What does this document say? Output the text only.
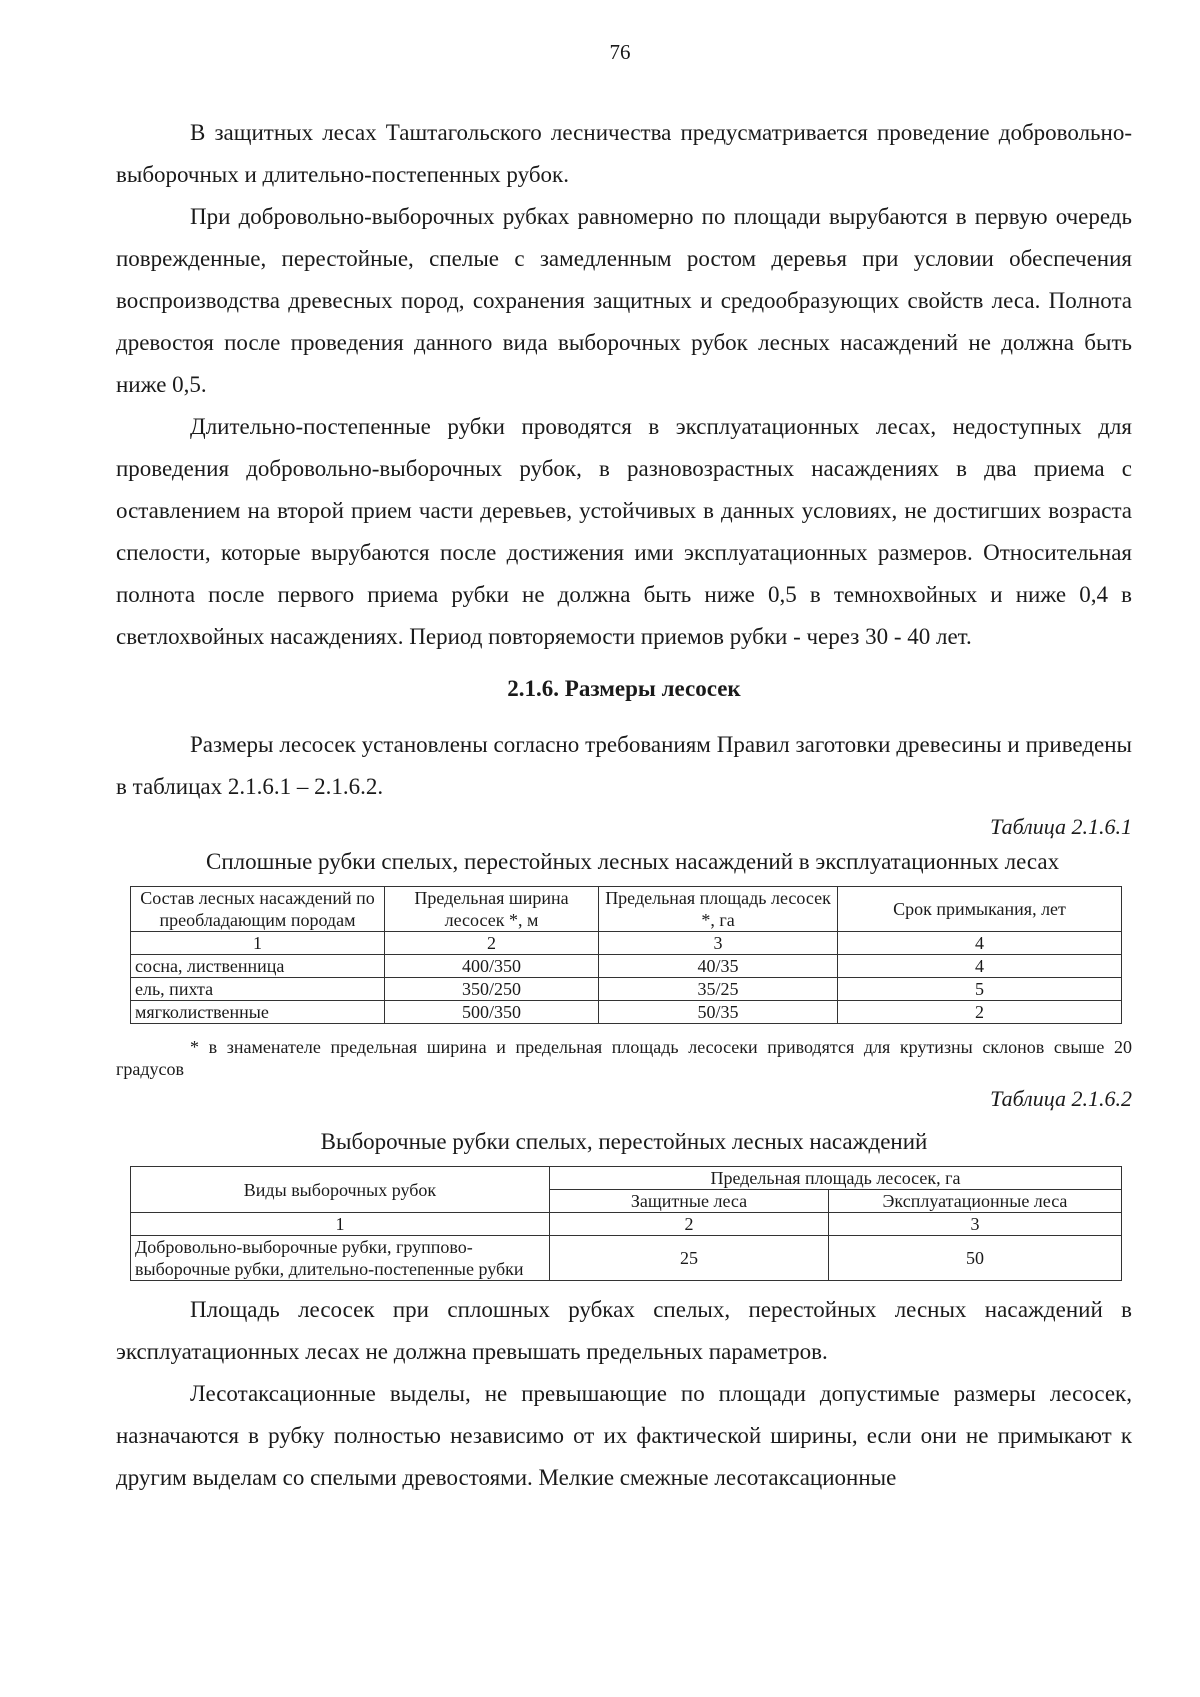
76

В защитных лесах Таштагольского лесничества предусматривается проведение добровольно-выборочных и длительно-постепенных рубок.

При добровольно-выборочных рубках равномерно по площади вырубаются в первую очередь поврежденные, перестойные, спелые с замедленным ростом деревья при условии обеспечения воспроизводства древесных пород, сохранения защитных и средообразующих свойств леса. Полнота древостоя после проведения данного вида выборочных рубок лесных насаждений не должна быть ниже 0,5.

Длительно-постепенные рубки проводятся в эксплуатационных лесах, недоступных для проведения добровольно-выборочных рубок, в разновозрастных насаждениях в два приема с оставлением на второй прием части деревьев, устойчивых в данных условиях, не достигших возраста спелости, которые вырубаются после достижения ими эксплуатационных размеров. Относительная полнота после первого приема рубки не должна быть ниже 0,5 в темнохвойных и ниже 0,4 в светлохвойных насаждениях. Период повторяемости приемов рубки - через 30 - 40 лет.

2.1.6. Размеры лесосек

Размеры лесосек установлены согласно требованиям Правил заготовки древесины и приведены в таблицах 2.1.6.1 – 2.1.6.2.

Таблица 2.1.6.1
Сплошные рубки спелых, перестойных лесных насаждений в эксплуатационных лесах
Состав лесных насаждений по преобладающим породам	Предельная ширина лесосек *, м	Предельная площадь лесосек *, га	Срок примыкания, лет
1	2	3	4
сосна, лиственница	400/350	40/35	4
ель, пихта	350/250	35/25	5
мягколиственные	500/350	50/35	2
* в знаменателе предельная ширина и предельная площадь лесосеки приводятся для крутизны склонов свыше 20 градусов
Таблица 2.1.6.2
Выборочные рубки спелых, перестойных лесных насаждений
Виды выборочных рубок	Предельная площадь лесосек, га	
	Защитные леса	Эксплуатационные леса
1	2	3
Добровольно-выборочные рубки, группово-выборочные рубки, длительно-постепенные рубки	25	50

Площадь лесосек при сплошных рубках спелых, перестойных лесных насаждений в эксплуатационных лесах не должна превышать предельных параметров.

Лесотаксационные выделы, не превышающие по площади допустимые размеры лесосек, назначаются в рубку полностью независимо от их фактической ширины, если они не примыкают к другим выделам со спелыми древостоями. Мелкие смежные лесотаксационные
